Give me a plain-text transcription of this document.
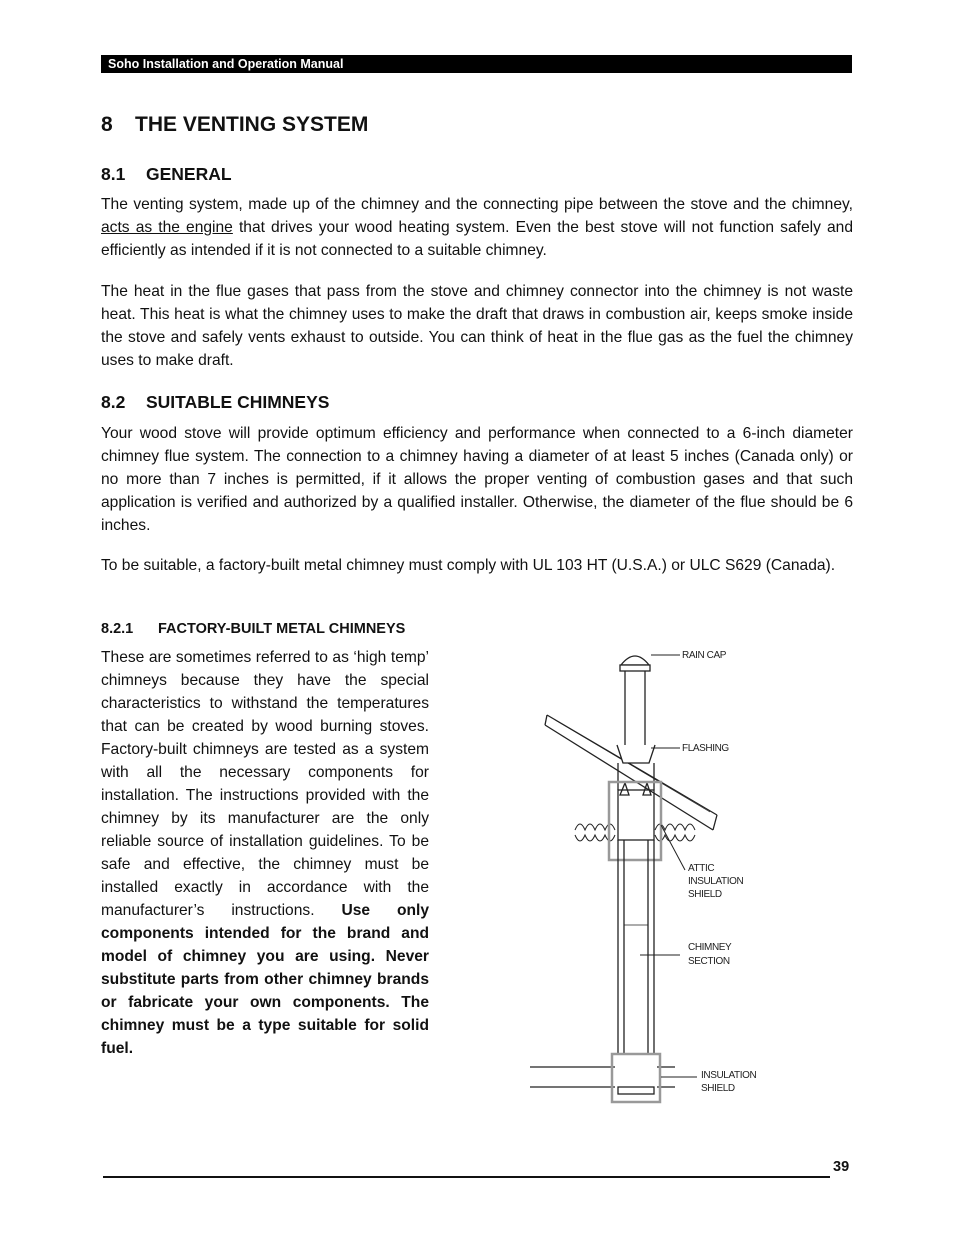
Soho Installation and Operation Manual
8 THE VENTING SYSTEM
8.1 GENERAL

The venting system, made up of the chimney and the connecting pipe between the stove and the chimney, acts as the engine that drives your wood heating system. Even the best stove will not function safely and efficiently as intended if it is not connected to a suitable chimney.

The heat in the flue gases that pass from the stove and chimney connector into the chimney is not waste heat. This heat is what the chimney uses to make the draft that draws in combustion air, keeps smoke inside the stove and safely vents exhaust to outside. You can think of heat in the flue gas as the fuel the chimney uses to make draft.

8.2 SUITABLE CHIMNEYS

Your wood stove will provide optimum efficiency and performance when connected to a 6-inch diameter chimney flue system. The connection to a chimney having a diameter of at least 5 inches (Canada only) or no more than 7 inches is permitted, if it allows the proper venting of combustion gases and that such application is verified and authorized by a qualified installer. Otherwise, the diameter of the flue should be 6 inches.

To be suitable, a factory-built metal chimney must comply with UL 103 HT (U.S.A.) or ULC S629 (Canada).

8.2.1 FACTORY-BUILT METAL CHIMNEYS

These are sometimes referred to as ‘high temp’ chimneys because they have the special characteristics to withstand the temperatures that can be created by wood burning stoves. Factory-built chimneys are tested as a system with all the necessary components for installation. The instructions provided with the chimney by its manufacturer are the only reliable source of installation guidelines. To be safe and effective, the chimney must be installed exactly in accordance with the manufacturer’s instructions. Use only components intended for the brand and model of chimney you are using. Never substitute parts from other chimney brands or fabricate your own components. The chimney must be a type suitable for solid fuel.

RAIN CAP
FLASHING
ATTIC
INSULATION
SHIELD
CHIMNEY
SECTION
INSULATION
SHIELD
39
